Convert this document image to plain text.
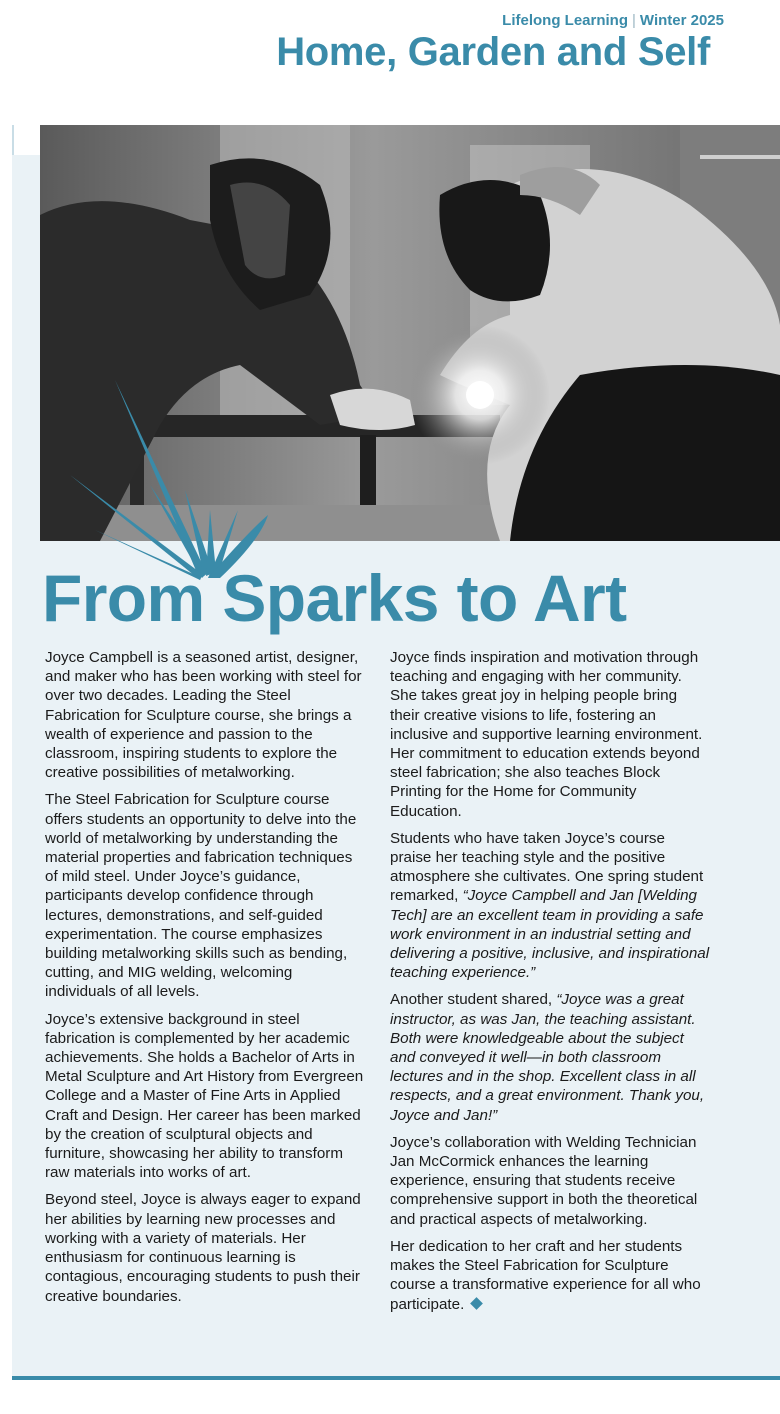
Lifelong Learning | Winter 2025
Home, Garden and Self
From Sparks to Art

Joyce Campbell is a seasoned artist, designer, and maker who has been working with steel for over two decades. Leading the Steel Fabrication for Sculpture course, she brings a wealth of experience and passion to the classroom, inspiring students to explore the creative possibilities of metalworking.

The Steel Fabrication for Sculpture course offers students an opportunity to delve into the world of metalworking by understanding the material properties and fabrication techniques of mild steel. Under Joyce’s guidance, participants develop confidence through lectures, demonstrations, and self-guided experimentation. The course emphasizes building metalworking skills such as bending, cutting, and MIG welding, welcoming individuals of all levels.

Joyce’s extensive background in steel fabrication is complemented by her academic achievements. She holds a Bachelor of Arts in Metal Sculpture and Art History from Evergreen College and a Master of Fine Arts in Applied Craft and Design. Her career has been marked by the creation of sculptural objects and furniture, showcasing her ability to transform raw materials into works of art.

Beyond steel, Joyce is always eager to expand her abilities by learning new processes and working with a variety of materials. Her enthusiasm for continuous learning is contagious, encouraging students to push their creative boundaries.

Joyce finds inspiration and motivation through teaching and engaging with her community. She takes great joy in helping people bring their creative visions to life, fostering an inclusive and supportive learning environment. Her commitment to education extends beyond steel fabrication; she also teaches Block Printing for the Home for Community Education.

Students who have taken Joyce’s course praise her teaching style and the positive atmosphere she cultivates. One spring student remarked, “Joyce Campbell and Jan [Welding Tech] are an excellent team in providing a safe work environment in an industrial setting and delivering a positive, inclusive, and inspirational teaching experience.”

Another student shared, “Joyce was a great instructor, as was Jan, the teaching assistant. Both were knowledgeable about the subject and conveyed it well—in both classroom lectures and in the shop. Excellent class in all respects, and a great environment. Thank you, Joyce and Jan!”

Joyce’s collaboration with Welding Technician Jan McCormick enhances the learning experience, ensuring that students receive comprehensive support in both the theoretical and practical aspects of metalworking.

Her dedication to her craft and her students makes the Steel Fabrication for Sculpture course a transformative experience for all who participate.
